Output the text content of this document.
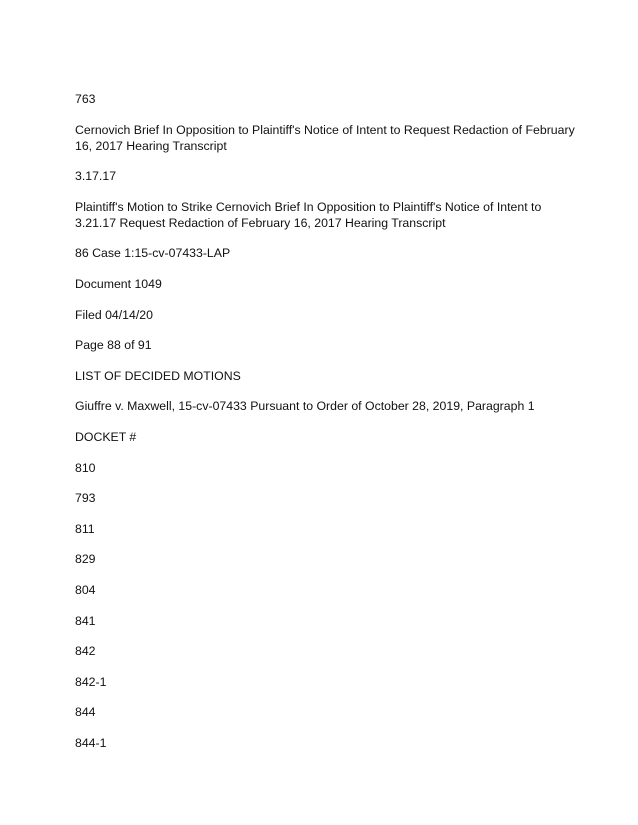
763

Cernovich Brief In Opposition to Plaintiff's Notice of Intent to Request Redaction of February 16, 2017 Hearing Transcript

3.17.17

Plaintiff's Motion to Strike Cernovich Brief In Opposition to Plaintiff's Notice of Intent to 3.21.17 Request Redaction of February 16, 2017 Hearing Transcript

86 Case 1:15-cv-07433-LAP

Document 1049

Filed 04/14/20

Page 88 of 91

LIST OF DECIDED MOTIONS

Giuffre v. Maxwell, 15-cv-07433 Pursuant to Order of October 28, 2019, Paragraph 1

DOCKET #

810

793

811

829

804

841

842

842-1

844

844-1
